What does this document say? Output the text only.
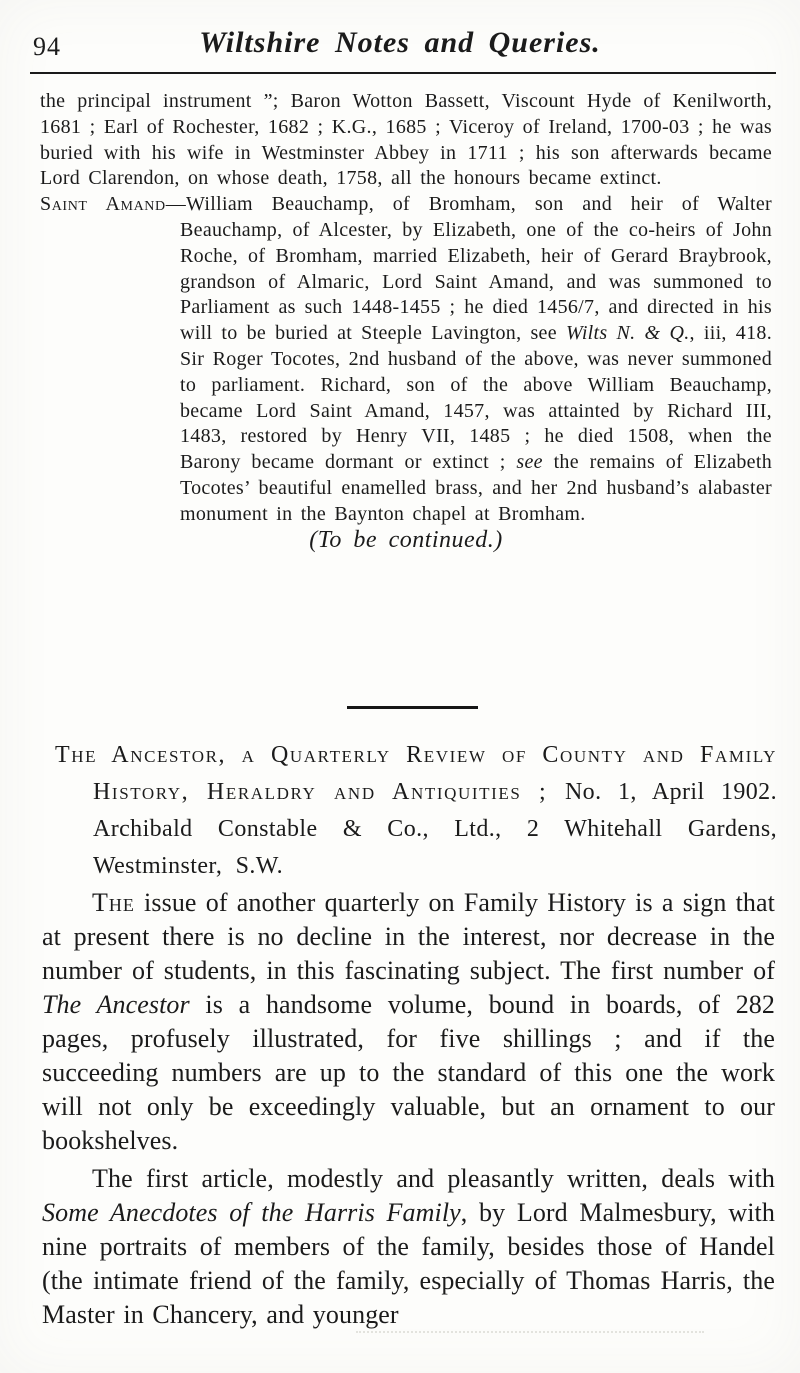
94	Wiltshire Notes and Queries.

the principal instrument ”; Baron Wotton Bassett, Viscount Hyde of Kenilworth, 1681 ; Earl of Rochester, 1682 ; K.G., 1685 ; Viceroy of Ireland, 1700-03 ; he was buried with his wife in Westminster Abbey in 1711 ; his son afterwards became Lord Clarendon, on whose death, 1758, all the honours became extinct.

Saint Amand—William Beauchamp, of Bromham, son and heir of Walter Beauchamp, of Alcester, by Elizabeth, one of the co-heirs of John Roche, of Bromham, married Elizabeth, heir of Gerard Braybrook, grandson of Almaric, Lord Saint Amand, and was summoned to Parliament as such 1448-1455 ; he died 1456/7, and directed in his will to be buried at Steeple Lavington, see Wilts N. & Q., iii, 418. Sir Roger Tocotes, 2nd husband of the above, was never summoned to parliament. Richard, son of the above William Beauchamp, became Lord Saint Amand, 1457, was attainted by Richard III, 1483, restored by Henry VII, 1485 ; he died 1508, when the Barony became dormant or extinct ; see the remains of Elizabeth Tocotes’ beautiful enamelled brass, and her 2nd husband’s alabaster monument in the Baynton chapel at Bromham.

(To be continued.)

The Ancestor, a Quarterly Review of County and Family History, Heraldry and Antiquities ; No. 1, April 1902. Archibald Constable & Co., Ltd., 2 Whitehall Gardens, Westminster, S.W.

The issue of another quarterly on Family History is a sign that at present there is no decline in the interest, nor decrease in the number of students, in this fascinating subject. The first number of The Ancestor is a handsome volume, bound in boards, of 282 pages, profusely illustrated, for five shillings ; and if the succeeding numbers are up to the standard of this one the work will not only be exceedingly valuable, but an ornament to our bookshelves.

The first article, modestly and pleasantly written, deals with Some Anecdotes of the Harris Family, by Lord Malmesbury, with nine portraits of members of the family, besides those of Handel (the intimate friend of the family, especially of Thomas Harris, the Master in Chancery, and younger
